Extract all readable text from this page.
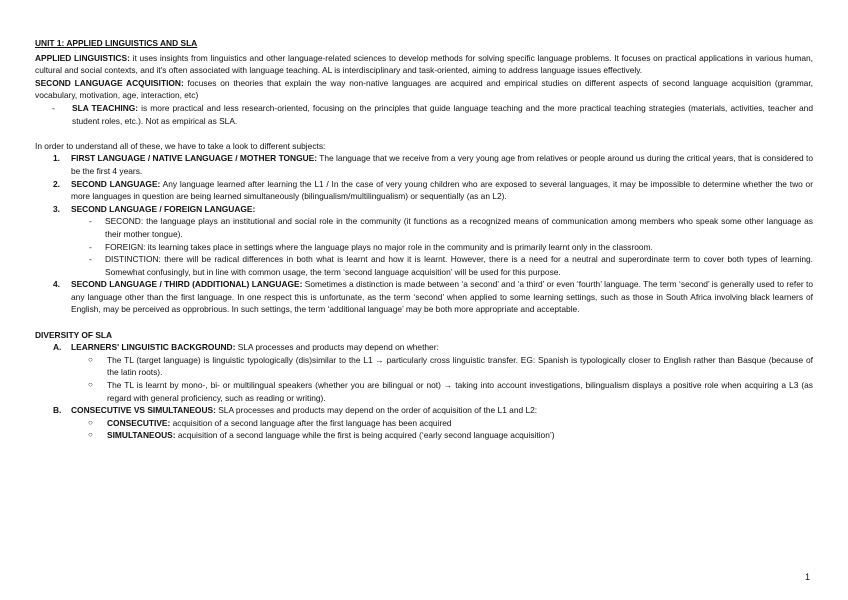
UNIT 1: APPLIED LINGUISTICS AND SLA

APPLIED LINGUISTICS: it uses insights from linguistics and other language-related sciences to develop methods for solving specific language problems. It focuses on practical applications in various human, cultural and social contexts, and it's often associated with language teaching. AL is interdisciplinary and task-oriented, aiming to address language issues effectively.

SECOND LANGUAGE ACQUISITION: focuses on theories that explain the way non-native languages are acquired and empirical studies on different aspects of second language acquisition (grammar, vocabulary, motivation, age, interaction, etc)

-	SLA TEACHING: is more practical and less research-oriented, focusing on the principles that guide language teaching and the more practical teaching strategies (materials, activities, teacher and student roles, etc.). Not as empirical as SLA.

In order to understand all of these, we have to take a look to different subjects:

1.	FIRST LANGUAGE / NATIVE LANGUAGE / MOTHER TONGUE: The language that we receive from a very young age from relatives or people around us during the critical years, that is considered to be the first 4 years.
2.	SECOND LANGUAGE: Any language learned after learning the L1 / In the case of very young children who are exposed to several languages, it may be impossible to determine whether the two or more languages in question are being learned simultaneously (bilingualism/multilingualism) or sequentially (as an L2).
3.	SECOND LANGUAGE / FOREIGN LANGUAGE:
-	SECOND: the language plays an institutional and social role in the community (it functions as a recognized means of communication among members who speak some other language as their mother tongue).
-	FOREIGN: its learning takes place in settings where the language plays no major role in the community and is primarily learnt only in the classroom.
-	DISTINCTION: there will be radical differences in both what is learnt and how it is learnt. However, there is a need for a neutral and superordinate term to cover both types of learning. Somewhat confusingly, but in line with common usage, the term ‘second language acquisition’ will be used for this purpose.
4.	SECOND LANGUAGE / THIRD (ADDITIONAL) LANGUAGE: Sometimes a distinction is made between ‘a second’ and ‘a third’ or even ‘fourth’ language. The term ‘second’ is generally used to refer to any language other than the first language. In one respect this is unfortunate, as the term ‘second’ when applied to some learning settings, such as those in South Africa involving black learners of English, may be perceived as opprobrious. In such settings, the term ‘additional language’ may be both more appropriate and acceptable.

DIVERSITY OF SLA

A.	LEARNERS' LINGUISTIC BACKGROUND: SLA processes and products may depend on whether:
○	The TL (target language) is linguistic typologically (dis)similar to the L1 → particularly cross linguistic transfer. EG: Spanish is typologically closer to English rather than Basque (because of the latin roots).
○	The TL is learnt by mono-, bi- or multilingual speakers (whether you are bilingual or not) → taking into account investigations, bilingualism displays a positive role when acquiring a L3 (as regard with general proficiency, such as reading or writing).
B.	CONSECUTIVE VS SIMULTANEOUS: SLA processes and products may depend on the order of acquisition of the L1 and L2:
○	CONSECUTIVE: acquisition of a second language after the first language has been acquired
○	SIMULTANEOUS: acquisition of a second language while the first is being acquired (‘early second language acquisition’)
1
